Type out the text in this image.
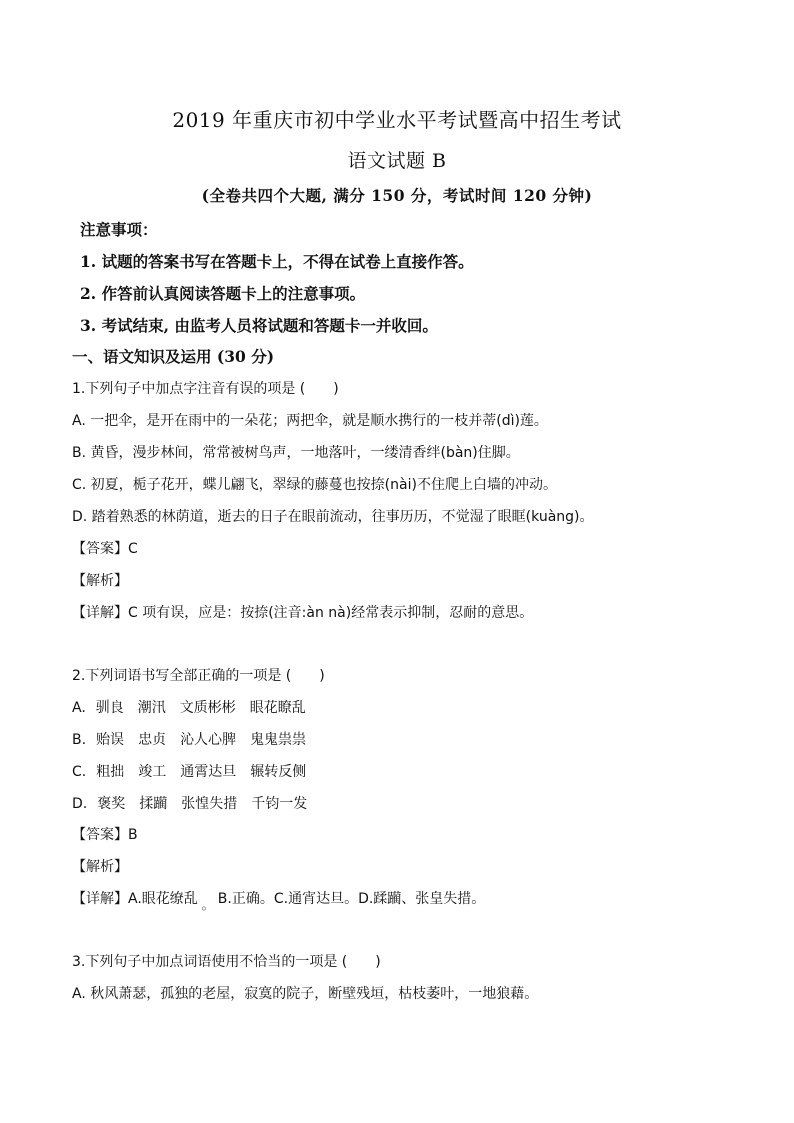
2019 年重庆市初中学业水平考试暨高中招生考试
语文试题 B
(全卷共四个大题, 满分 150 分，考试时间 120 分钟)
注意事项：
1. 试题的答案书写在答题卡上，不得在试卷上直接作答。
2. 作答前认真阅读答题卡上的注意事项。
3. 考试结束, 由监考人员将试题和答题卡一并收回。
一、语文知识及运用 (30 分)
1.下列句子中加点字注音有误的项是 (　　)
A. 一把伞，是开在雨中的一朵花；两把伞，就是顺水携行的一枝并蒂(dì)莲。
B. 黄昏，漫步林间，常常被树鸟声，一地落叶，一缕清香绊(bàn)住脚。
C. 初夏，栀子花开，蝶儿翩飞，翠绿的藤蔓也按捺(nài)不住爬上白墙的冲动。
D. 踏着熟悉的林荫道，逝去的日子在眼前流动，往事历历，不觉湿了眼眶(kuàng)。
【答案】C
【解析】
【详解】C 项有误，应是：按捺(注音:àn nà)经常表示抑制，忍耐的意思。
2.下列词语书写全部正确的一项是 (　　)
A. 驯良 潮汛 文质彬彬 眼花瞭乱
B. 贻误 忠贞 沁人心脾 鬼鬼祟祟
C. 粗拙 竣工 通霄达旦 辗转反侧
D. 褒奖 揉躏 张惶失措 千钧一发
【答案】B
【解析】
【详解】A.眼花缭乱 。 B.正确。C.通宵达旦。D.蹂躏、张皇失措。
3.下列句子中加点词语使用不恰当的一项是 (　　)
A. 秋风萧瑟，孤独的老屋，寂寞的院子，断壁残垣，枯枝萎叶，一地狼藉。
